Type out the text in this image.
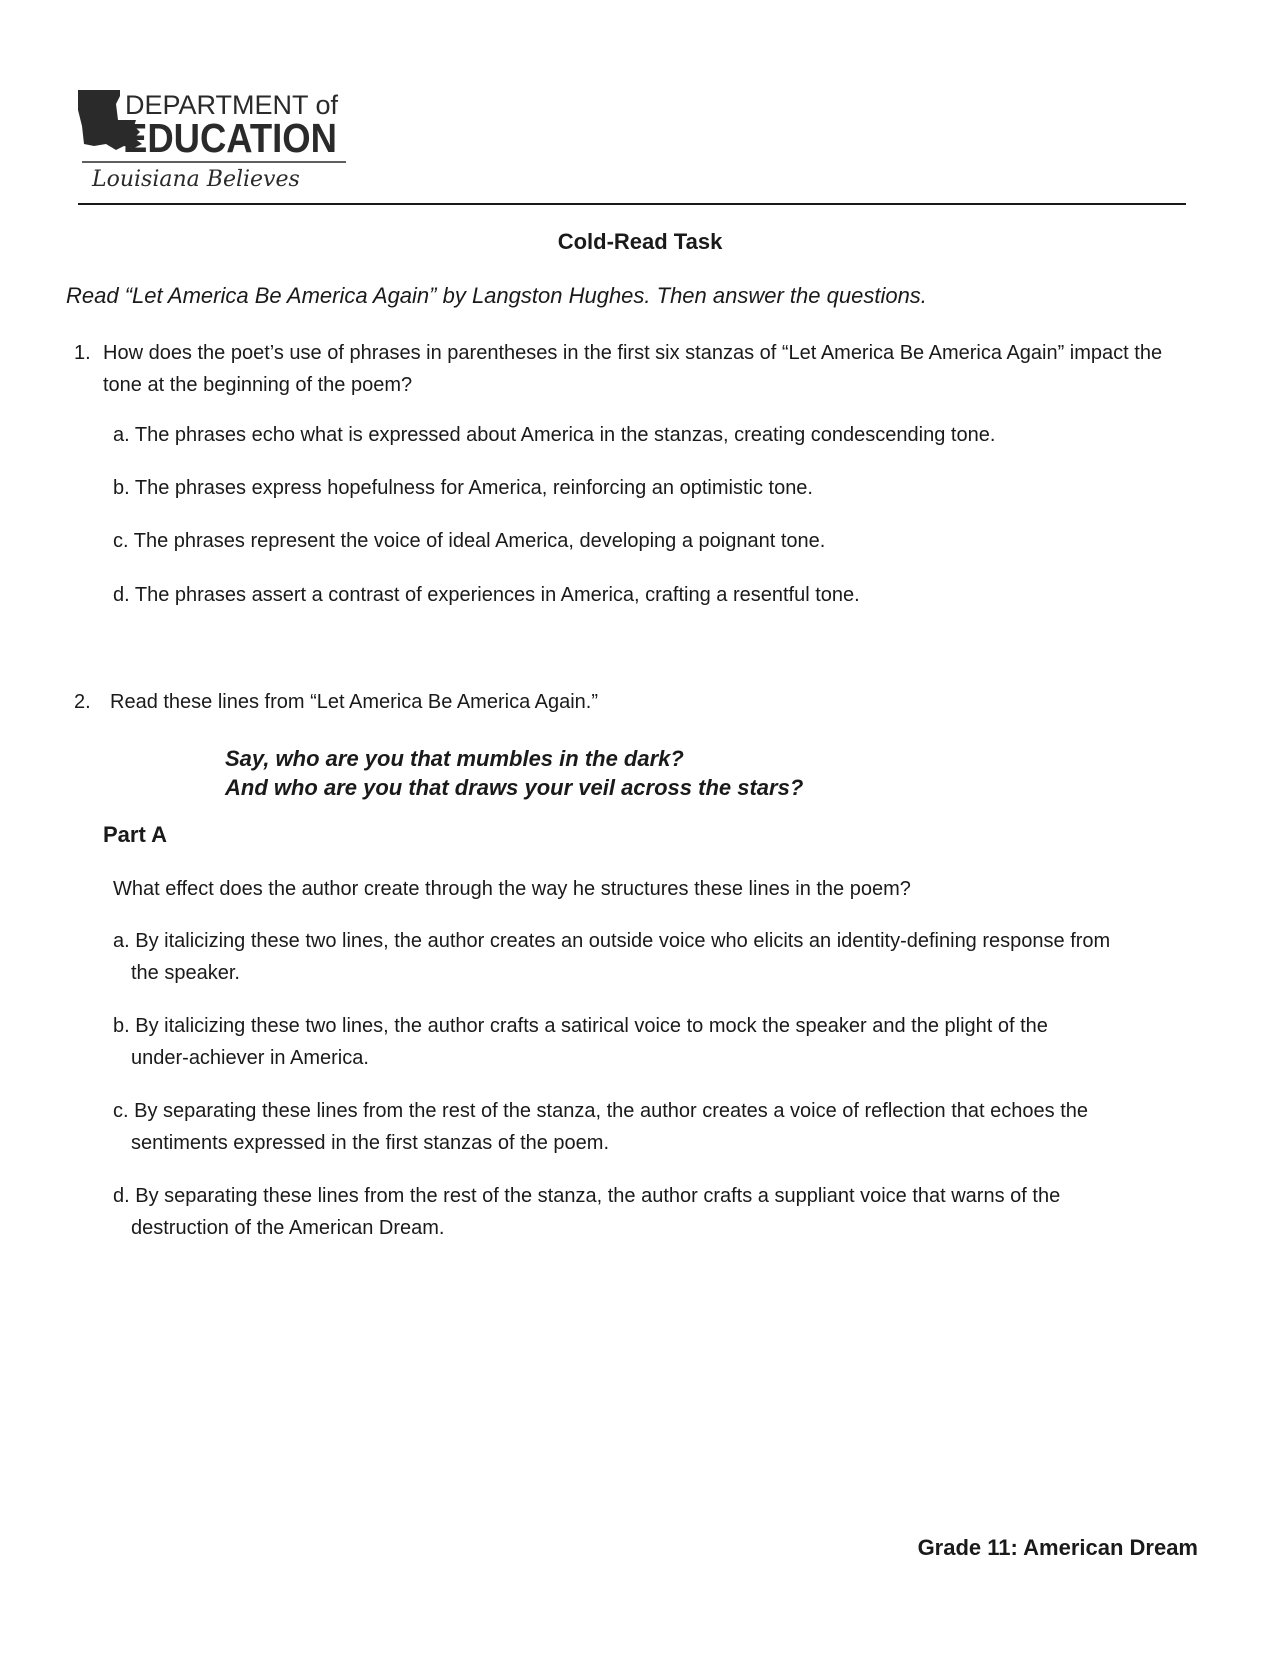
DEPARTMENT of
EDUCATION
Louisiana Believes
Cold-Read Task
Read “Let America Be America Again” by Langston Hughes. Then answer the questions.
1. How does the poet’s use of phrases in parentheses in the first six stanzas of “Let America Be America Again” impact the tone at the beginning of the poem?
a. The phrases echo what is expressed about America in the stanzas, creating condescending tone.
b. The phrases express hopefulness for America, reinforcing an optimistic tone.
c. The phrases represent the voice of ideal America, developing a poignant tone.
d. The phrases assert a contrast of experiences in America, crafting a resentful tone.
2. Read these lines from “Let America Be America Again.”
Say, who are you that mumbles in the dark?
And who are you that draws your veil across the stars?
Part A
What effect does the author create through the way he structures these lines in the poem?
a. By italicizing these two lines, the author creates an outside voice who elicits an identity-defining response from
the speaker.
b. By italicizing these two lines, the author crafts a satirical voice to mock the speaker and the plight of the
under-achiever in America.
c. By separating these lines from the rest of the stanza, the author creates a voice of reflection that echoes the
sentiments expressed in the first stanzas of the poem.
d. By separating these lines from the rest of the stanza, the author crafts a suppliant voice that warns of the
destruction of the American Dream.
Grade 11: American Dream
